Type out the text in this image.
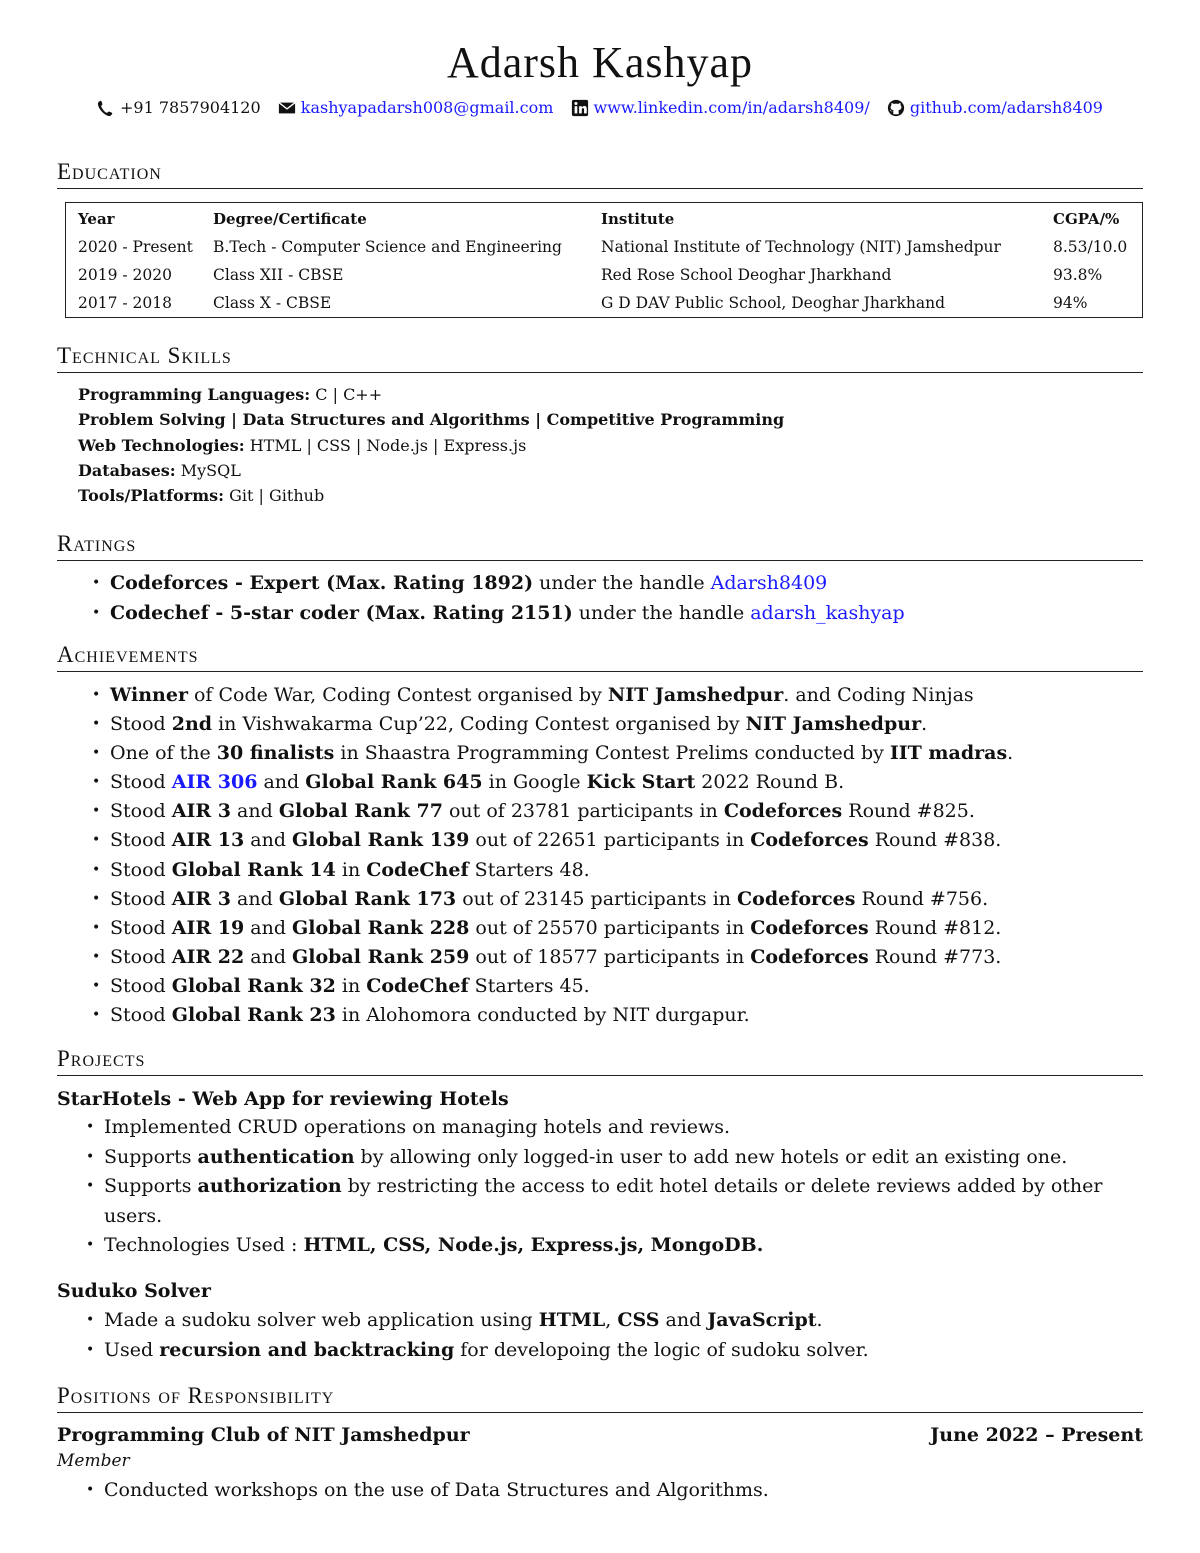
Adarsh Kashyap
+91 7857904120
	kashyapadarsh008@gmail.com
	www.linkedin.com/in/adarsh8409/
	github.com/adarsh8409
Education
Year	Degree/Certificate	Institute	CGPA/%
2020 - Present	B.Tech - Computer Science and Engineering	National Institute of Technology (NIT) Jamshedpur	8.53/10.0
2019 - 2020	Class XII - CBSE	Red Rose School Deoghar Jharkhand	93.8%
2017 - 2018	Class X - CBSE	G D DAV Public School, Deoghar Jharkhand	94%
Technical Skills
Programming Languages: C | C++
Problem Solving | Data Structures and Algorithms | Competitive Programming
Web Technologies: HTML | CSS | Node.js | Express.js
Databases: MySQL
Tools/Platforms: Git | Github
Ratings
• Codeforces - Expert (Max. Rating 1892) under the handle Adarsh8409
• Codechef - 5-star coder (Max. Rating 2151) under the handle adarsh_kashyap
Achievements
• Winner of Code War, Coding Contest organised by NIT Jamshedpur. and Coding Ninjas
• Stood 2nd in Vishwakarma Cup’22, Coding Contest organised by NIT Jamshedpur.
• One of the 30 finalists in Shaastra Programming Contest Prelims conducted by IIT madras.
• Stood AIR 306 and Global Rank 645 in Google Kick Start 2022 Round B.
• Stood AIR 3 and Global Rank 77 out of 23781 participants in Codeforces Round #825.
• Stood AIR 13 and Global Rank 139 out of 22651 participants in Codeforces Round #838.
• Stood Global Rank 14 in CodeChef Starters 48.
• Stood AIR 3 and Global Rank 173 out of 23145 participants in Codeforces Round #756.
• Stood AIR 19 and Global Rank 228 out of 25570 participants in Codeforces Round #812.
• Stood AIR 22 and Global Rank 259 out of 18577 participants in Codeforces Round #773.
• Stood Global Rank 32 in CodeChef Starters 45.
• Stood Global Rank 23 in Alohomora conducted by NIT durgapur.
Projects
StarHotels - Web App for reviewing Hotels
• Implemented CRUD operations on managing hotels and reviews.
• Supports authentication by allowing only logged-in user to add new hotels or edit an existing one.
• Supports authorization by restricting the access to edit hotel details or delete reviews added by other users.
• Technologies Used : HTML, CSS, Node.js, Express.js, MongoDB.
Suduko Solver
• Made a sudoku solver web application using HTML, CSS and JavaScript.
• Used recursion and backtracking for developoing the logic of sudoku solver.
Positions of Responsibility
Programming Club of NIT Jamshedpur	June 2022 – Present
Member
• Conducted workshops on the use of Data Structures and Algorithms.
